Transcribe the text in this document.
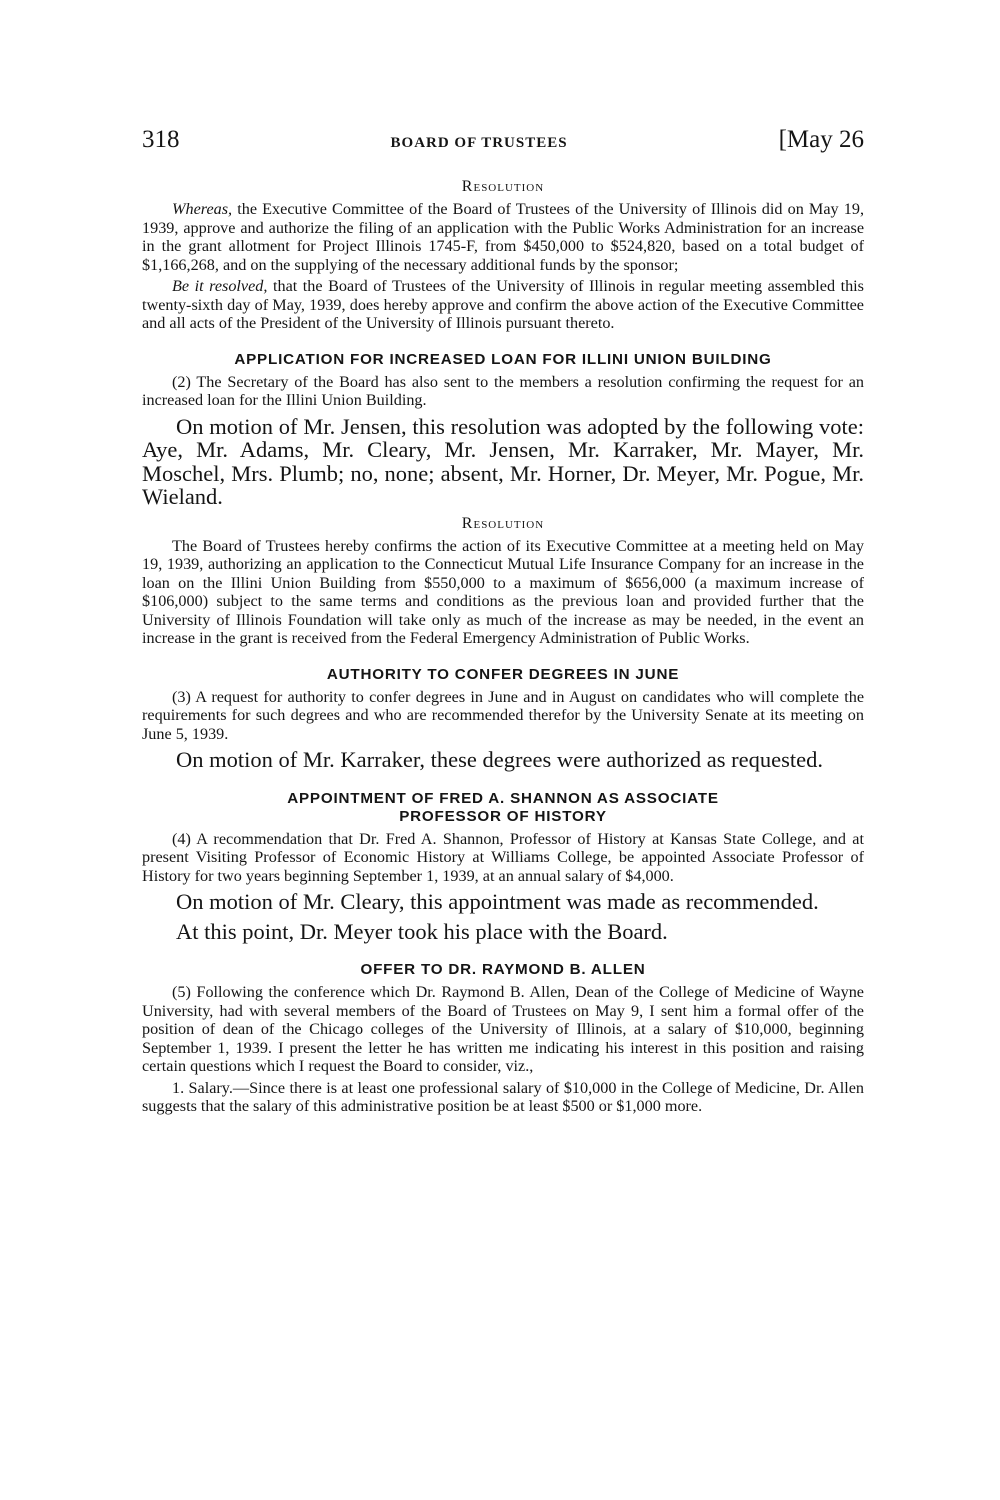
318	BOARD OF TRUSTEES	[May 26
Resolution

Whereas, the Executive Committee of the Board of Trustees of the University of Illinois did on May 19, 1939, approve and authorize the filing of an application with the Public Works Administration for an increase in the grant allotment for Project Illinois 1745-F, from $450,000 to $524,820, based on a total budget of $1,166,268, and on the supplying of the necessary additional funds by the sponsor;

Be it resolved, that the Board of Trustees of the University of Illinois in regular meeting assembled this twenty-sixth day of May, 1939, does hereby approve and confirm the above action of the Executive Committee and all acts of the President of the University of Illinois pursuant thereto.

APPLICATION FOR INCREASED LOAN FOR ILLINI UNION BUILDING

(2) The Secretary of the Board has also sent to the members a resolution confirming the request for an increased loan for the Illini Union Building.

On motion of Mr. Jensen, this resolution was adopted by the following vote: Aye, Mr. Adams, Mr. Cleary, Mr. Jensen, Mr. Karraker, Mr. Mayer, Mr. Moschel, Mrs. Plumb; no, none; absent, Mr. Horner, Dr. Meyer, Mr. Pogue, Mr. Wieland.

Resolution

The Board of Trustees hereby confirms the action of its Executive Committee at a meeting held on May 19, 1939, authorizing an application to the Connecticut Mutual Life Insurance Company for an increase in the loan on the Illini Union Building from $550,000 to a maximum of $656,000 (a maximum increase of $106,000) subject to the same terms and conditions as the previous loan and provided further that the University of Illinois Foundation will take only as much of the increase as may be needed, in the event an increase in the grant is received from the Federal Emergency Administration of Public Works.

AUTHORITY TO CONFER DEGREES IN JUNE

(3) A request for authority to confer degrees in June and in August on candidates who will complete the requirements for such degrees and who are recommended therefor by the University Senate at its meeting on June 5, 1939.

On motion of Mr. Karraker, these degrees were authorized as requested.

APPOINTMENT OF FRED A. SHANNON AS ASSOCIATE
PROFESSOR OF HISTORY

(4) A recommendation that Dr. Fred A. Shannon, Professor of History at Kansas State College, and at present Visiting Professor of Economic History at Williams College, be appointed Associate Professor of History for two years beginning September 1, 1939, at an annual salary of $4,000.

On motion of Mr. Cleary, this appointment was made as recommended.

At this point, Dr. Meyer took his place with the Board.

OFFER TO DR. RAYMOND B. ALLEN

(5) Following the conference which Dr. Raymond B. Allen, Dean of the College of Medicine of Wayne University, had with several members of the Board of Trustees on May 9, I sent him a formal offer of the position of dean of the Chicago colleges of the University of Illinois, at a salary of $10,000, beginning September 1, 1939. I present the letter he has written me indicating his interest in this position and raising certain questions which I request the Board to consider, viz.,

1. Salary.—Since there is at least one professional salary of $10,000 in the College of Medicine, Dr. Allen suggests that the salary of this administrative position be at least $500 or $1,000 more.
